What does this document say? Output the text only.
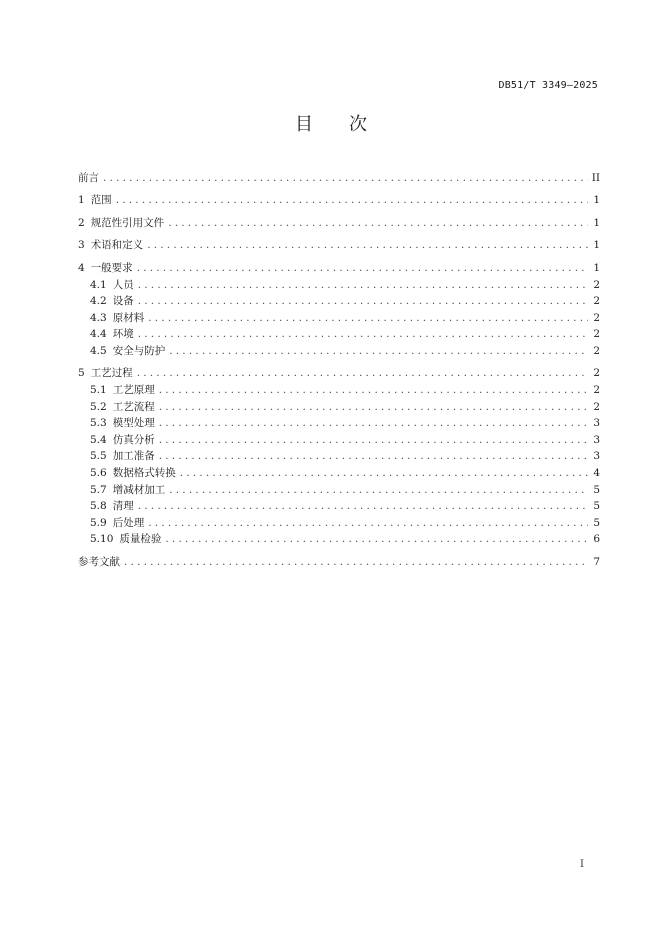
DB51/T 3349—2025
目次
前言 .....	II
1 范围 .....	1
2 规范性引用文件 .....	1
3 术语和定义 .....	1
4 一般要求 .....	1
4.1 人员 .....	2
4.2 设备 .....	2
4.3 原材料 .....	2
4.4 环境 .....	2
4.5 安全与防护 .....	2
5 工艺过程 .....	2
5.1 工艺原理 .....	2
5.2 工艺流程 .....	2
5.3 模型处理 .....	3
5.4 仿真分析 .....	3
5.5 加工准备 .....	3
5.6 数据格式转换 .....	4
5.7 增减材加工 .....	5
5.8 清理 .....	5
5.9 后处理 .....	5
5.10 质量检验 .....	6
参考文献 .....	7
I
